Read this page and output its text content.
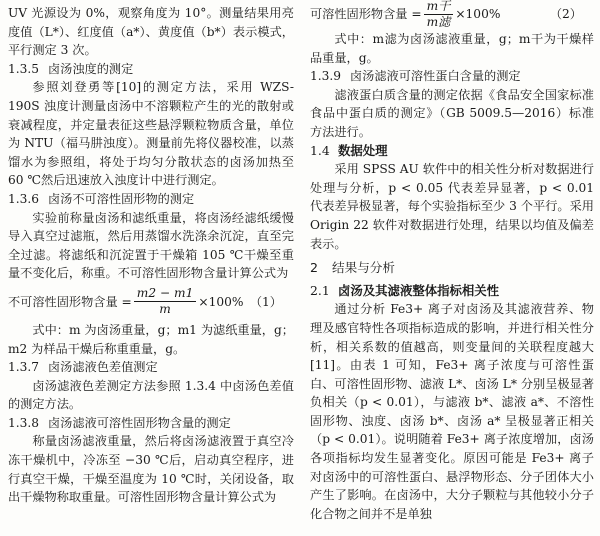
UV 光源设为 0%，观察角度为 10°。测量结果用亮度值（L*）、红度值（a*）、黄度值（b*）表示模式，平行测定 3 次。

1.3.5 卤汤浊度的测定

参照刘登勇等[10]的测定方法，采用 WZS-190S 浊度计测量卤汤中不溶颗粒产生的光的散射或衰减程度，并定量表征这些悬浮颗粒物质含量，单位为 NTU（福马肼浊度）。测量前先将仪器校准，以蒸馏水为参照组，将处于均匀分散状态的卤汤加热至 60 ℃然后迅速放入浊度计中进行测定。

1.3.6 卤汤不可溶性固形物的测定

实验前称量卤汤和滤纸重量，将卤汤经滤纸缓慢导入真空过滤瓶，然后用蒸馏水洗涤余沉淀，直至完全过滤。将滤纸和沉淀置于干燥箱 105 ℃干燥至重量不变化后，称重。不可溶性固形物含量计算公式为

不可溶性固形物含量 = $\frac{m2 - m1}{m} \times 100\%$ （1）

式中：m 为卤汤重量，g；m1 为滤纸重量，g；m2 为样品干燥后称重重量，g。

1.3.7 卤汤滤液色差值测定

卤汤滤液色差测定方法参照 1.3.4 中卤汤色差值的测定方法。

1.3.8 卤汤滤液可溶性固形物含量的测定

称量卤汤滤液重量，然后将卤汤滤液置于真空冷冻干燥机中，冷冻至 −30 ℃后，启动真空程序，进行真空干燥，干燥至温度为 10 ℃时，关闭设备，取出干燥物称取重量。可溶性固形物含量计算公式为

可溶性固形物含量 = $\frac{\text{m干}}{\text{m滤}} \times 100\%$	（2）

式中：m滤为卤汤滤液重量，g；m干为干燥样品重量，g。

1.3.9 卤汤滤液可溶性蛋白含量的测定

滤液蛋白质含量的测定依据《食品安全国家标准 食品中蛋白质的测定》（GB 5009.5—2016）标准方法进行。

1.4 数据处理

采用 SPSS AU 软件中的相关性分析对数据进行处理与分析，p < 0.05 代表差异显著，p < 0.01 代表差异极显著，每个实验指标至少 3 个平行。采用 Origin 22 软件对数据进行处理，结果以均值及偏差表示。

2 结果与分析
2.1 卤汤及其滤液整体指标相关性

通过分析 Fe3+ 离子对卤汤及其滤液营养、物理及感官特性各项指标造成的影响，并进行相关性分析，相关系数的值越高，则变量间的关联程度越大[11]。由表 1 可知，Fe3+ 离子浓度与可溶性蛋白、可溶性固形物、滤液 L*、卤汤 L* 分别呈极显著负相关（p < 0.01），与滤液 b*、滤液 a*、不溶性固形物、浊度、卤汤 b*、卤汤 a* 呈极显著正相关（p < 0.01）。说明随着 Fe3+ 离子浓度增加，卤汤各项指标均发生显著变化。原因可能是 Fe3+ 离子对卤汤中的可溶性蛋白、悬浮物形态、分子团体大小产生了影响。在卤汤中，大分子颗粒与其他较小分子化合物之间并不是单独
